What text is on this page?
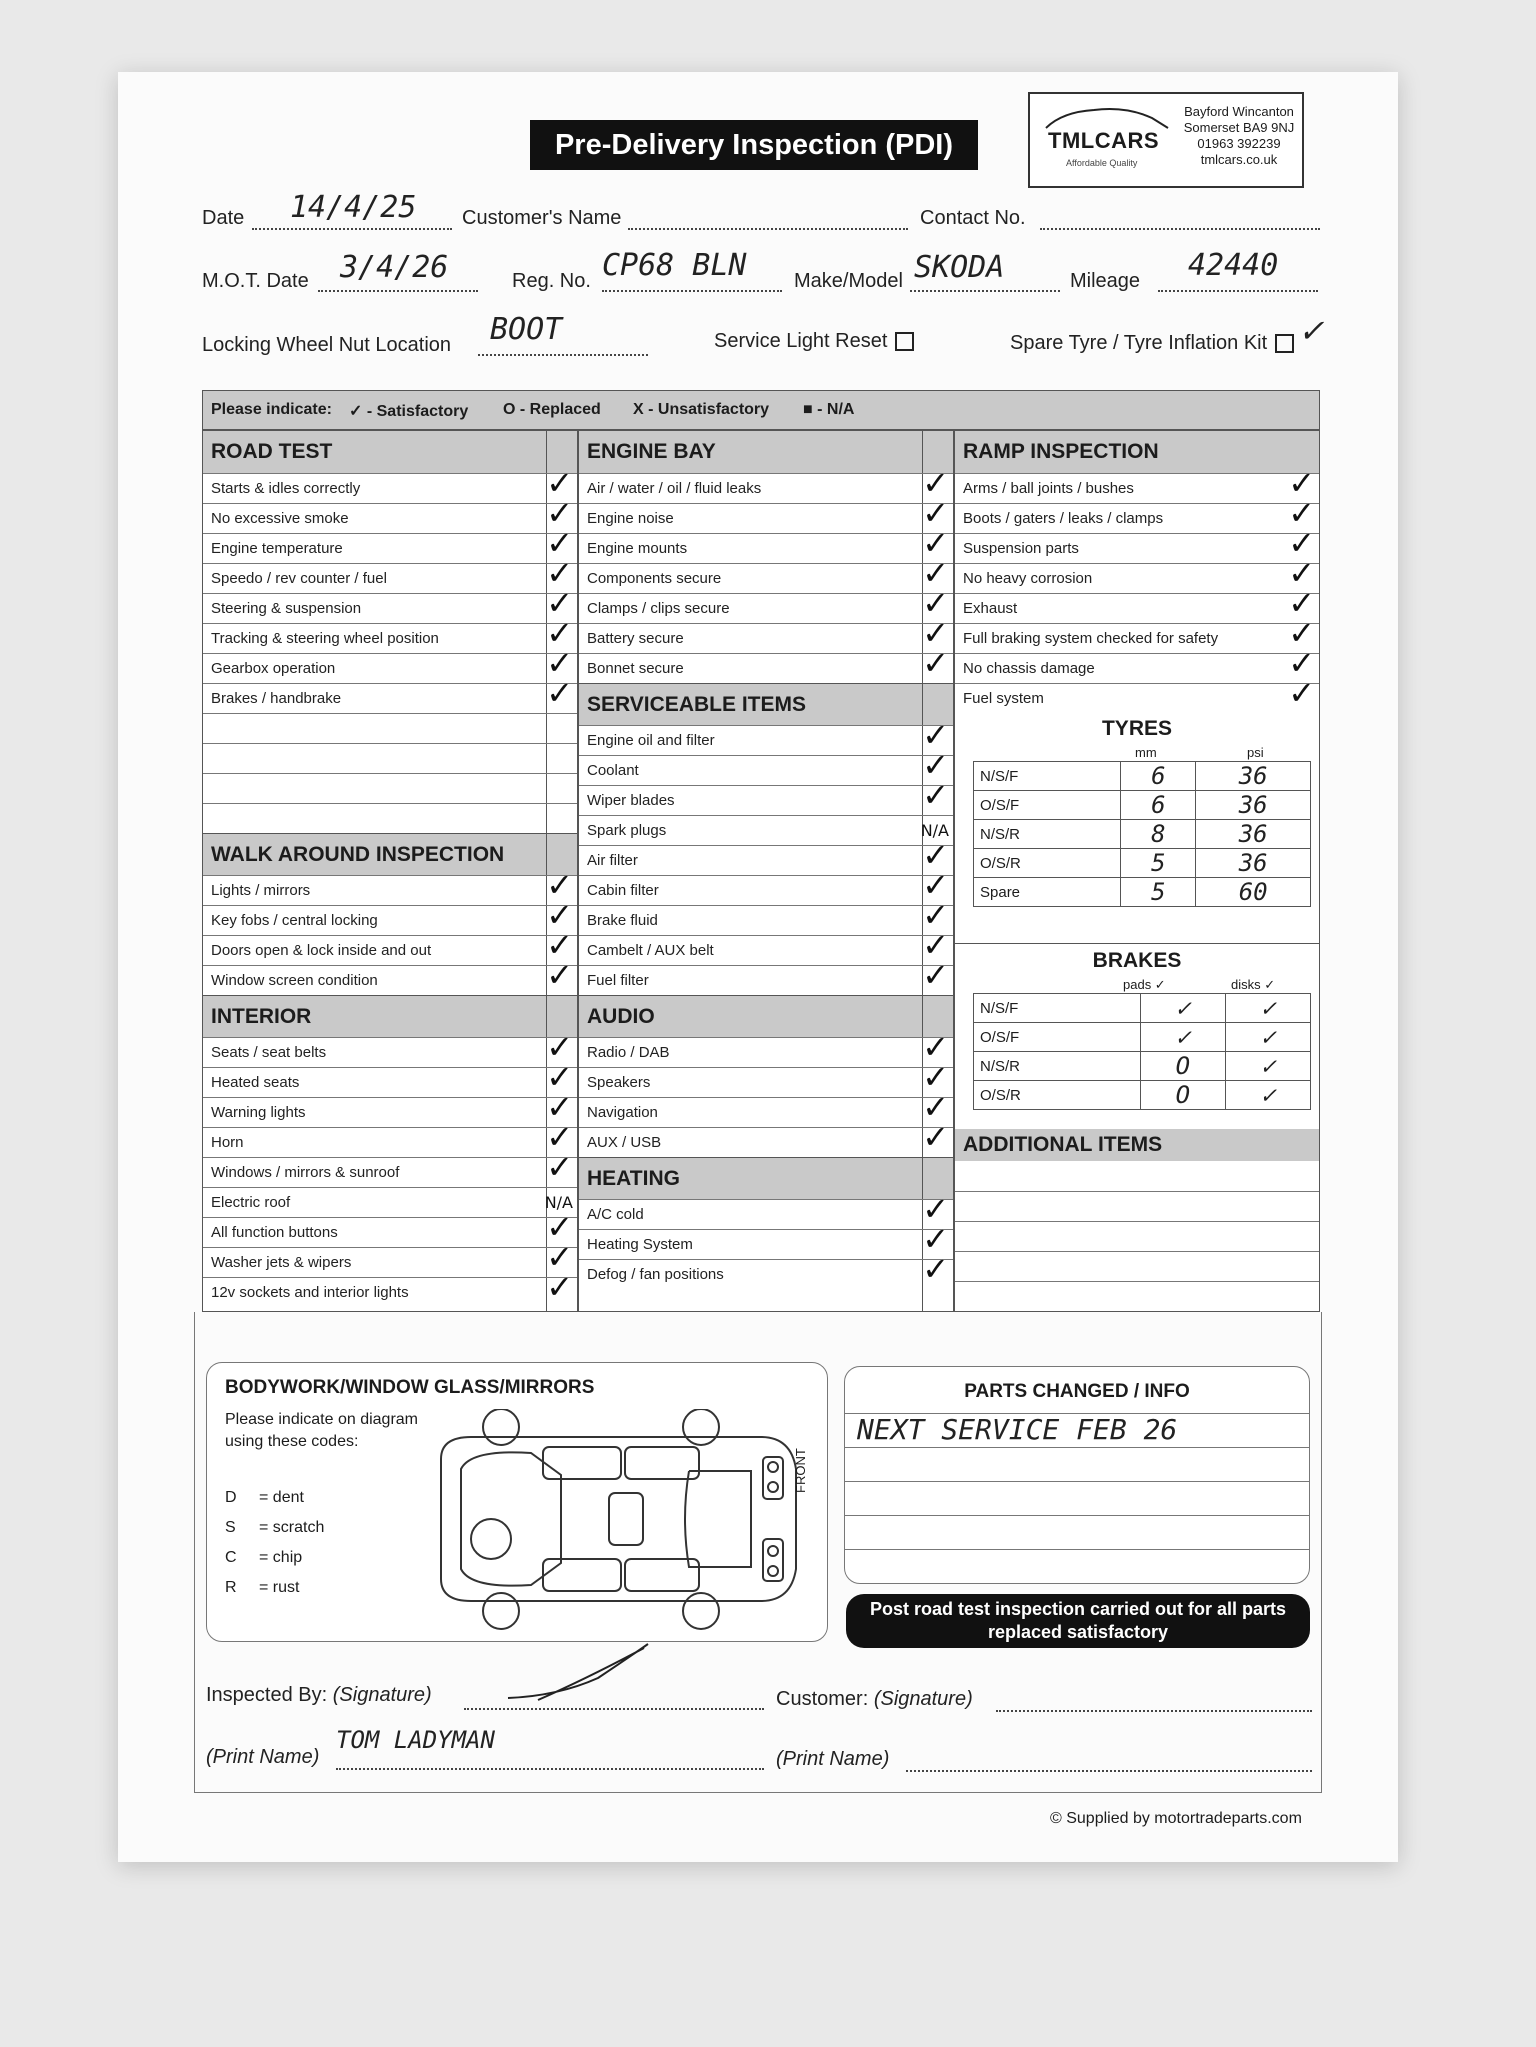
Pre-Delivery Inspection (PDI)	TMLCARS
Affordable Quality
Bayford Wincanton
Somerset BA9 9NJ
01963 392239
tmlcars.co.uk
Date 14/4/25 Customer's Name	Contact No.
M.O.T. Date 3/4/26	Reg. No. CP68 BLN Make/Model SKODA	Mileage 42440
Locking Wheel Nut Location BOOT	Service Light Reset	Spare Tyre / Tyre Inflation Kit ✓
Please indicate: ✓ - Satisfactory O - Replaced X - Unsatisfactory ■ - N/A
ROAD TEST
Starts & idles correctly	✓
No excessive smoke	✓
Engine temperature	✓
Speedo / rev counter / fuel	✓
Steering & suspension	✓
Tracking & steering wheel position	✓
Gearbox operation	✓
Brakes / handbrake	✓
WALK AROUND INSPECTION
Lights / mirrors	✓
Key fobs / central locking	✓
Doors open & lock inside and out	✓
Window screen condition	✓
INTERIOR
Seats / seat belts	✓
Heated seats	✓
Warning lights	✓
Horn	✓
Windows / mirrors & sunroof	✓
Electric roof	N/A
All function buttons	✓
Washer jets & wipers	✓
12v sockets and interior lights	✓
ENGINE BAY
Air / water / oil / fluid leaks	✓
Engine noise	✓
Engine mounts	✓
Components secure	✓
Clamps / clips secure	✓
Battery secure	✓
Bonnet secure	✓
SERVICEABLE ITEMS
Engine oil and filter	✓
Coolant	✓
Wiper blades	✓
Spark plugs	N/A
Air filter	✓
Cabin filter	✓
Brake fluid	✓
Cambelt / AUX belt	✓
Fuel filter	✓
AUDIO
Radio / DAB	✓
Speakers	✓
Navigation	✓
AUX / USB	✓
HEATING
A/C cold	✓
Heating System	✓
Defog / fan positions	✓
RAMP INSPECTION
Arms / ball joints / bushes	✓
Boots / gaters / leaks / clamps	✓
Suspension parts	✓
No heavy corrosion	✓
Exhaust	✓
Full braking system checked for safety ✓
No chassis damage	✓
Fuel system	✓
TYRES
mm	psi
N/S/F	6	36
O/S/F	6	36
N/S/R	8	36
O/S/R	5	36
Spare	5	60
BRAKES
pads ✓	disks ✓
N/S/F	✓	✓
O/S/F	✓	✓
N/S/R	O	✓
O/S/R	O	✓
ADDITIONAL ITEMS
BODYWORK/WINDOW GLASS/MIRRORS
Please indicate on diagram using these codes:
D = dent
S = scratch
C = chip
R = rust
FRONT
PARTS CHANGED / INFO
NEXT SERVICE FEB 26
Post road test inspection carried out for all parts replaced satisfactory
Inspected By: (Signature)	Customer: (Signature)
(Print Name)
TOM LADYMAN
(Print Name)
© Supplied by motortradeparts.com
